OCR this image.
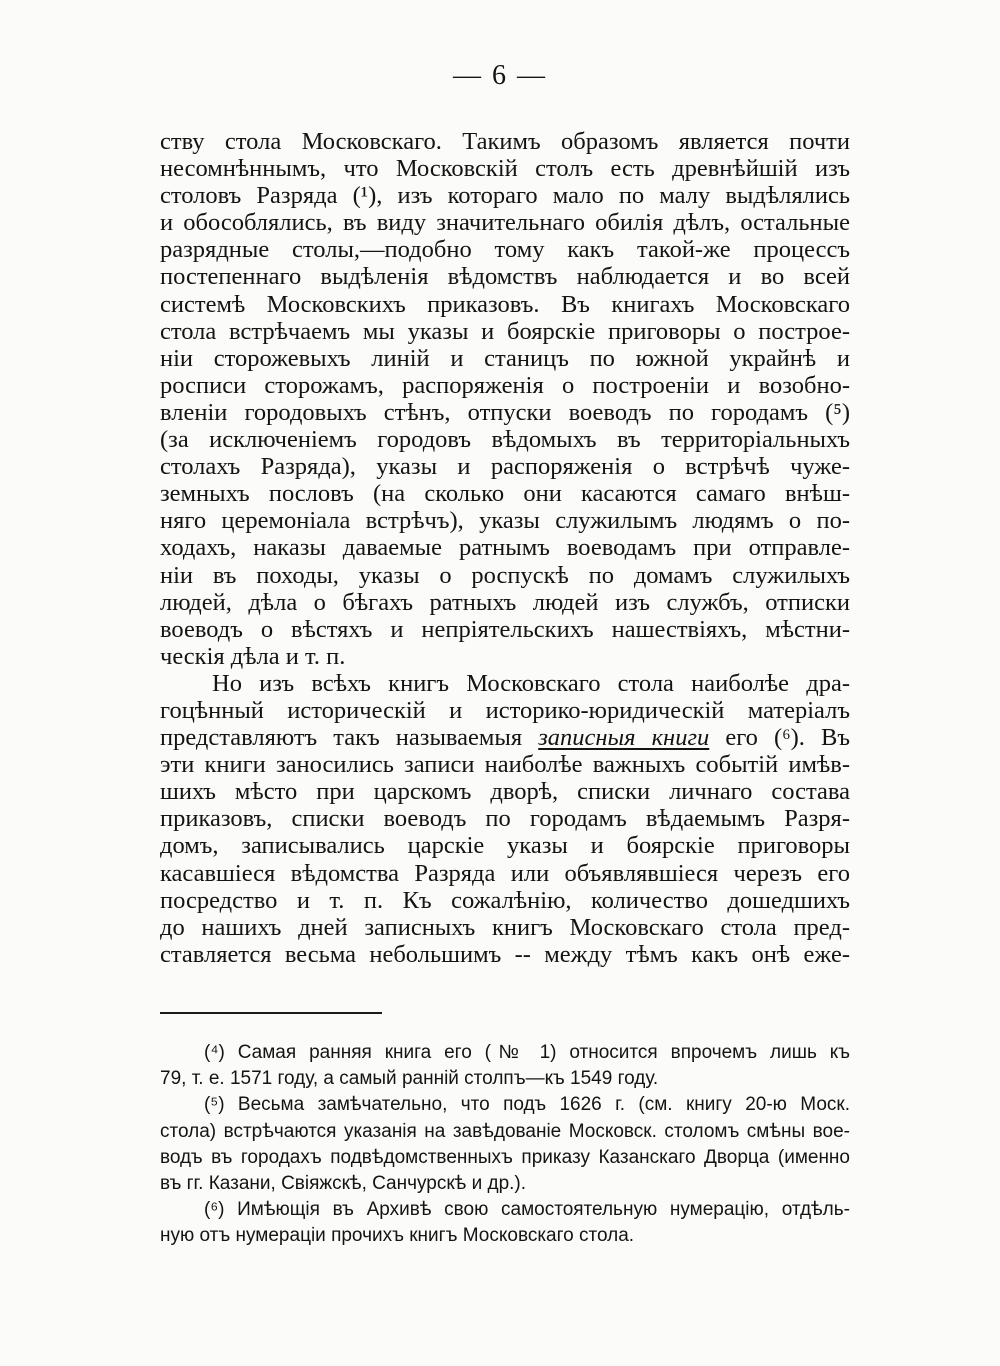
— 6 —
ству стола Московскаго. Такимъ образомъ является почти
несомнѣннымъ, что Московскій столъ есть древнѣйшій изъ
столовъ Разряда (¹), изъ котораго мало по малу выдѣлялись
и обособлялись, въ виду значительнаго обилія дѣлъ, остальные
разрядные столы,—подобно тому какъ такой-же процессъ
постепеннаго выдѣленія вѣдомствъ наблюдается и во всей
системѣ Московскихъ приказовъ. Въ книгахъ Московскаго
стола встрѣчаемъ мы указы и боярскіе приговоры о построе-
ніи сторожевыхъ линій и станицъ по южной украйнѣ и
росписи сторожамъ, распоряженія о построеніи и возобно-
вленіи городовыхъ стѣнъ, отпуски воеводъ по городамъ (⁵)
(за исключеніемъ городовъ вѣдомыхъ въ территоріальныхъ
столахъ Разряда), указы и распоряженія о встрѣчѣ чуже-
земныхъ пословъ (на сколько они касаются самаго внѣш-
няго церемоніала встрѣчъ), указы служилымъ людямъ о по-
ходахъ, наказы даваемые ратнымъ воеводамъ при отправле-
ніи въ походы, указы о роспускѣ по домамъ служилыхъ
людей, дѣла о бѣгахъ ратныхъ людей изъ службъ, отписки
воеводъ о вѣстяхъ и непріятельскихъ нашествіяхъ, мѣстни-
ческія дѣла и т. п.
Но изъ всѣхъ книгъ Московскаго стола наиболѣе дра-
гоцѣнный историческій и историко-юридическій матеріалъ
представляютъ такъ называемыя записныя книги его (⁶). Въ
эти книги заносились записи наиболѣе важныхъ событій имѣв-
шихъ мѣсто при царскомъ дворѣ, списки личнаго состава
приказовъ, списки воеводъ по городамъ вѣдаемымъ Разря-
домъ, записывались царскіе указы и боярскіе приговоры
касавшіеся вѣдомства Разряда или объявлявшіеся черезъ его
посредство и т. п. Къ сожалѣнію, количество дошедшихъ
до нашихъ дней записныхъ книгъ Московскаго стола пред-
ставляется весьма небольшимъ -- между тѣмъ какъ онѣ еже-
(⁴) Самая ранняя книга его (№ 1) относится впрочемъ лишь къ
79, т. е. 1571 году, а самый ранній столпъ—къ 1549 году.
(⁵) Весьма замѣчательно, что подъ 1626 г. (см. книгу 20-ю Моск.
стола) встрѣчаются указанія на завѣдованіе Московск. столомъ смѣны вое-
водъ въ городахъ подвѣдомственныхъ приказу Казанскаго Дворца (именно
въ гг. Казани, Свіяжскѣ, Санчурскѣ и др.).
(⁶) Имѣющія въ Архивѣ свою самостоятельную нумерацію, отдѣль-
ную отъ нумераціи прочихъ книгъ Московскаго стола.
